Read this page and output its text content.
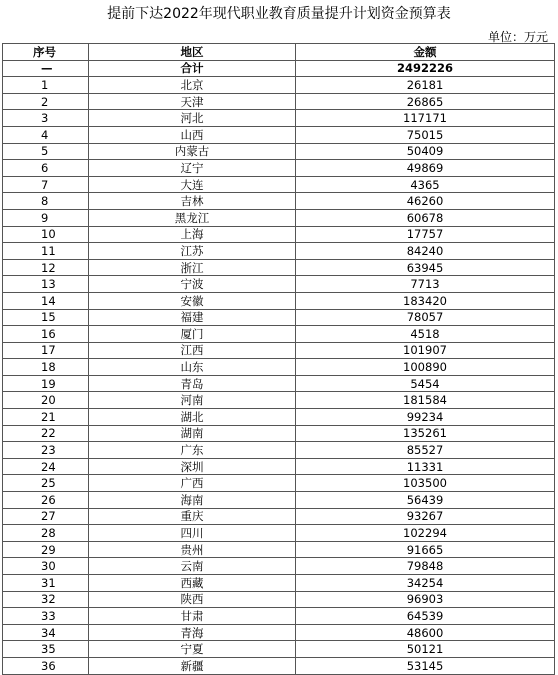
提前下达2022年现代职业教育质量提升计划资金预算表
单位：万元
序号	地区	金额
—	合计	2492226
1	北京	26181
2	天津	26865
3	河北	117171
4	山西	75015
5	内蒙古	50409
6	辽宁	49869
7	大连	4365
8	吉林	46260
9	黑龙江	60678
10	上海	17757
11	江苏	84240
12	浙江	63945
13	宁波	7713
14	安徽	183420
15	福建	78057
16	厦门	4518
17	江西	101907
18	山东	100890
19	青岛	5454
20	河南	181584
21	湖北	99234
22	湖南	135261
23	广东	85527
24	深圳	11331
25	广西	103500
26	海南	56439
27	重庆	93267
28	四川	102294
29	贵州	91665
30	云南	79848
31	西藏	34254
32	陕西	96903
33	甘肃	64539
34	青海	48600
35	宁夏	50121
36	新疆	53145
